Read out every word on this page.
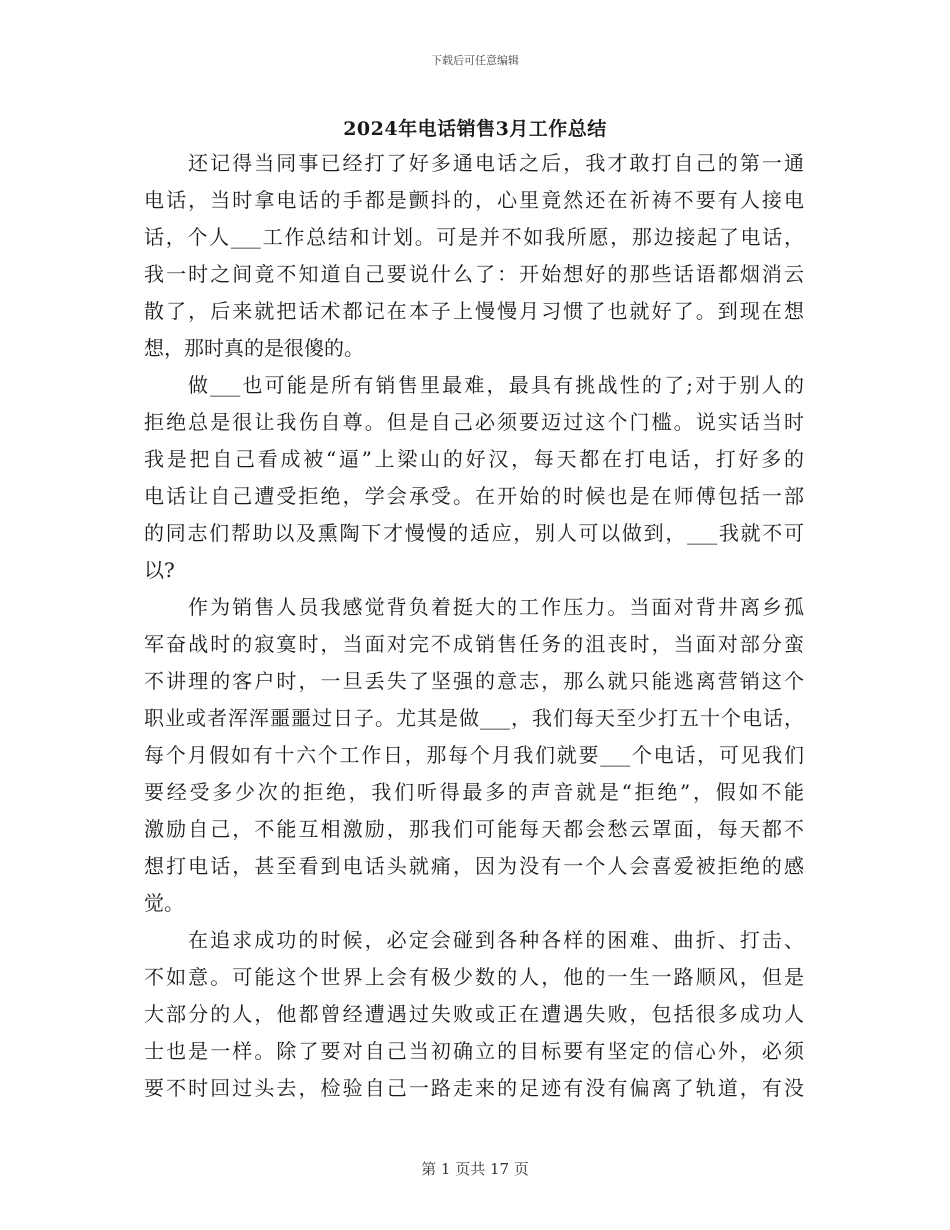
下载后可任意编辑
2024年电话销售3月工作总结
还记得当同事已经打了好多通电话之后，我才敢打自己的第一通
电话，当时拿电话的手都是颤抖的，心里竟然还在祈祷不要有人接电
话，个人___工作总结和计划。可是并不如我所愿，那边接起了电话，
我一时之间竟不知道自己要说什么了：开始想好的那些话语都烟消云
散了，后来就把话术都记在本子上慢慢月习惯了也就好了。到现在想
想，那时真的是很傻的。
做___也可能是所有销售里最难，最具有挑战性的了;对于别人的
拒绝总是很让我伤自尊。但是自己必须要迈过这个门槛。说实话当时
我是把自己看成被“逼”上梁山的好汉，每天都在打电话，打好多的
电话让自己遭受拒绝，学会承受。在开始的时候也是在师傅包括一部
的同志们帮助以及熏陶下才慢慢的适应，别人可以做到，___我就不可
以?
作为销售人员我感觉背负着挺大的工作压力。当面对背井离乡孤
军奋战时的寂寞时，当面对完不成销售任务的沮丧时，当面对部分蛮
不讲理的客户时，一旦丢失了坚强的意志，那么就只能逃离营销这个
职业或者浑浑噩噩过日子。尤其是做___，我们每天至少打五十个电话，
每个月假如有十六个工作日，那每个月我们就要___个电话，可见我们
要经受多少次的拒绝，我们听得最多的声音就是“拒绝”，假如不能
激励自己，不能互相激励，那我们可能每天都会愁云罩面，每天都不
想打电话，甚至看到电话头就痛，因为没有一个人会喜爱被拒绝的感
觉。
在追求成功的时候，必定会碰到各种各样的困难、曲折、打击、
不如意。可能这个世界上会有极少数的人，他的一生一路顺风，但是
大部分的人，他都曾经遭遇过失败或正在遭遇失败，包括很多成功人
士也是一样。除了要对自己当初确立的目标要有坚定的信心外，必须
要不时回过头去，检验自己一路走来的足迹有没有偏离了轨道，有没
第 1 页共 17 页
